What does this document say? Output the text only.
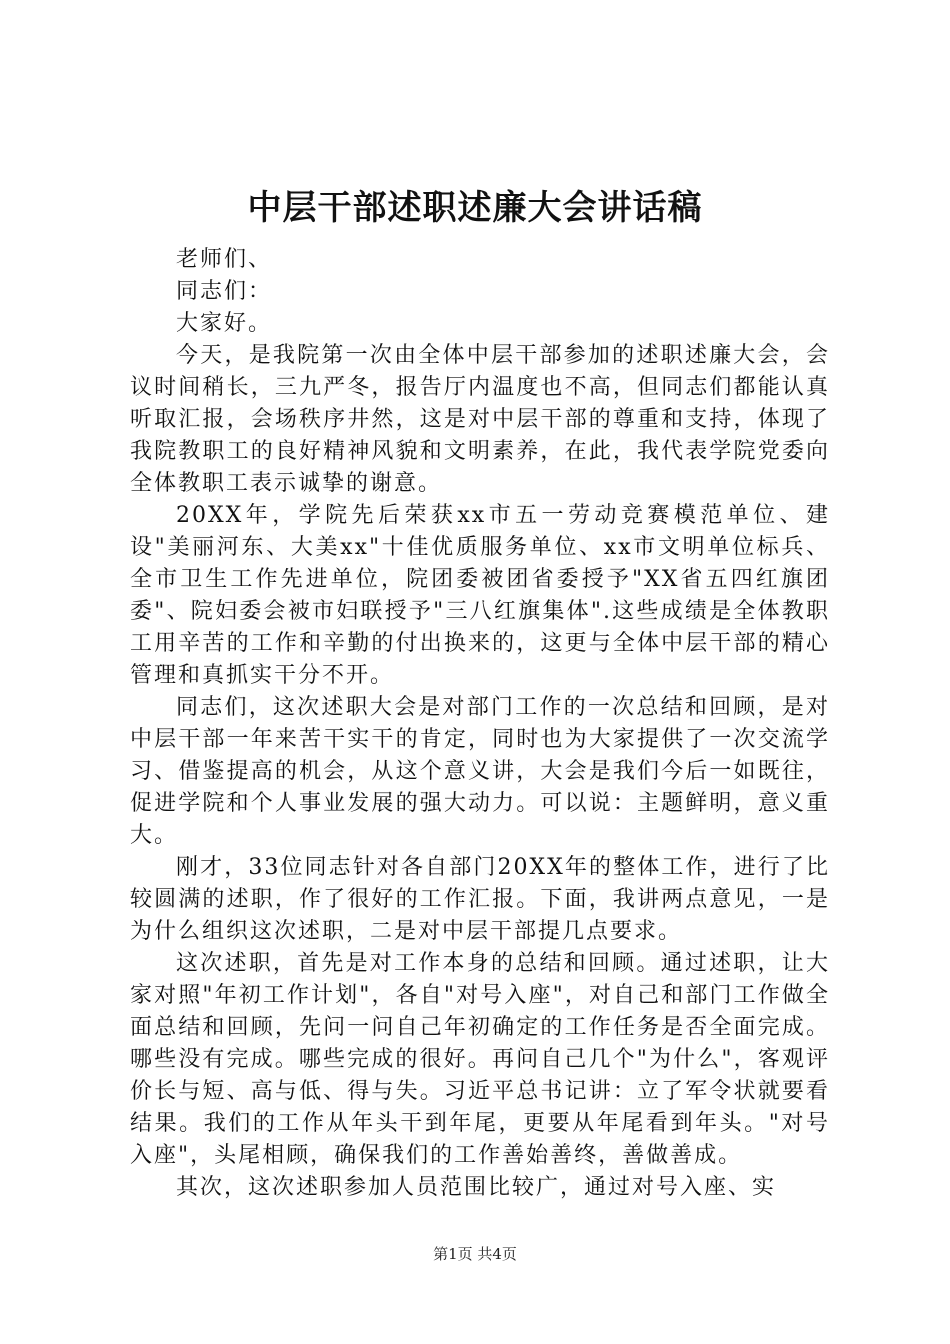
中层干部述职述廉大会讲话稿

老师们、

同志们：

大家好。

今天，是我院第一次由全体中层干部参加的述职述廉大会，会议时间稍长，三九严冬，报告厅内温度也不高，但同志们都能认真听取汇报，会场秩序井然，这是对中层干部的尊重和支持，体现了我院教职工的良好精神风貌和文明素养，在此，我代表学院党委向全体教职工表示诚挚的谢意。

20XX年，学院先后荣获xx市五一劳动竞赛模范单位、建设"美丽河东、大美xx"十佳优质服务单位、xx市文明单位标兵、全市卫生工作先进单位，院团委被团省委授予"XX省五四红旗团委"、院妇委会被市妇联授予"三八红旗集体".这些成绩是全体教职工用辛苦的工作和辛勤的付出换来的，这更与全体中层干部的精心管理和真抓实干分不开。

同志们，这次述职大会是对部门工作的一次总结和回顾，是对中层干部一年来苦干实干的肯定，同时也为大家提供了一次交流学习、借鉴提高的机会，从这个意义讲，大会是我们今后一如既往，促进学院和个人事业发展的强大动力。可以说：主题鲜明，意义重大。

刚才，33位同志针对各自部门20XX年的整体工作，进行了比较圆满的述职，作了很好的工作汇报。下面，我讲两点意见，一是为什么组织这次述职，二是对中层干部提几点要求。

这次述职，首先是对工作本身的总结和回顾。通过述职，让大家对照"年初工作计划"，各自"对号入座"，对自己和部门工作做全面总结和回顾，先问一问自己年初确定的工作任务是否全面完成。哪些没有完成。哪些完成的很好。再问自己几个"为什么"，客观评价长与短、高与低、得与失。习近平总书记讲：立了军令状就要看结果。我们的工作从年头干到年尾，更要从年尾看到年头。"对号入座"，头尾相顾，确保我们的工作善始善终，善做善成。

其次，这次述职参加人员范围比较广，通过对号入座、实

第1页 共4页
